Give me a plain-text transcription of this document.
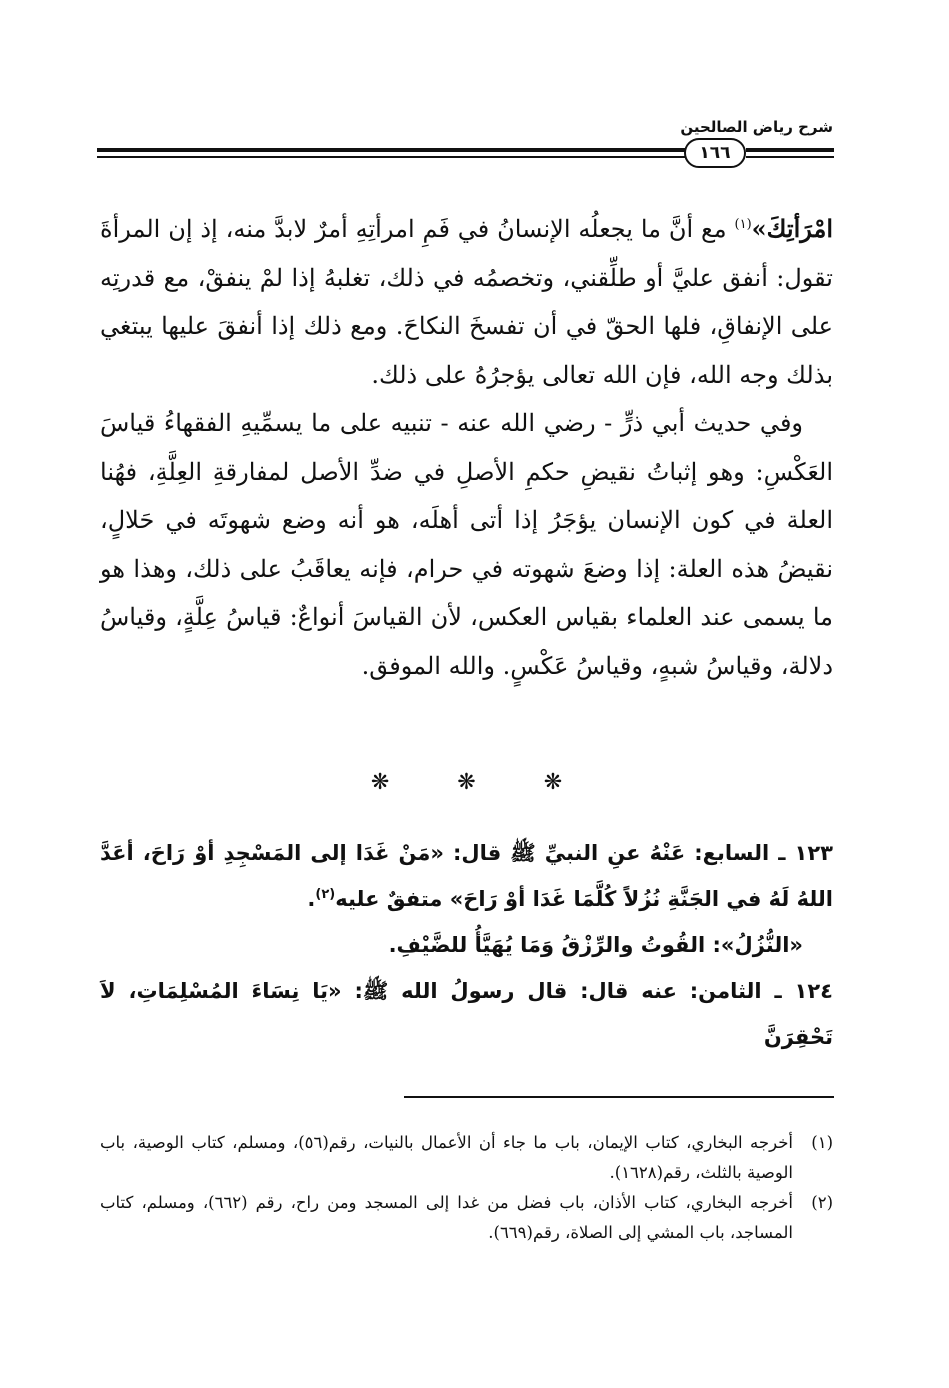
شرح رياض الصالحين
١٦٦

امْرَأتِكَ»$^{(١)}$ مع أنَّ ما يجعلُه الإنسانُ في فَمِ امرأتِهِ أمرٌ لابدَّ منه، إذ إن المرأةَ تقول: أنفق عليَّ أو طلِّقني، وتخصمُه في ذلك، تغلبهُ إذا لمْ ينفقْ، مع قدرتِه على الإنفاقِ، فلها الحقّ في أن تفسخَ النكاحَ. ومع ذلك إذا أنفقَ عليها يبتغي بذلك وجه الله، فإن الله تعالى يؤجرُهُ على ذلك.

وفي حديث أبي ذرٍّ - رضي الله عنه - تنبيه على ما يسمِّيهِ الفقهاءُ قياسَ العَكْسِ: وهو إثباتُ نقيضِ حكمِ الأصلِ في ضدِّ الأصل لمفارقةِ العِلَّةِ، فهُنا العلة في كون الإنسان يؤجَرُ إذا أتى أهلَه، هو أنه وضع شهوتَه في حَلالٍ، نقيضُ هذه العلة: إذا وضعَ شهوته في حرام، فإنه يعاقَبُ على ذلك، وهذا هو ما يسمى عند العلماء بقياس العكس، لأن القياسَ أنواعٌ: قياسُ عِلَّةٍ، وقياسُ دلالة، وقياسُ شبهٍ، وقياسُ عَكْسٍ. والله الموفق.

❋❋❋

١٢٣ ـ السابع: عَنْهُ عنِ النبيِّ ﷺ قال: «مَنْ غَدَا إلى المَسْجِدِ أوْ رَاحَ، أعَدَّ اللهُ لَهُ في الجَنَّةِ نُزُلاً كُلَّمَا غَدَا أوْ رَاحَ» متفقٌ عليه$^{(٢)}$.

«النُّزُلُ»: القُوتُ والرِّزْقُ وَمَا يُهَيَّأُ للضَّيْفِ.

١٢٤ ـ الثامن: عنه قال: قال رسولُ الله ﷺ: «يَا نِسَاءَ المُسْلِمَاتِ، لاَ تَحْقِرَنَّ

(١)
أخرجه البخاري، كتاب الإيمان، باب ما جاء أن الأعمال بالنيات، رقم(٥٦)، ومسلم، كتاب الوصية، باب الوصية بالثلث، رقم(١٦٢٨).
(٢)
أخرجه البخاري، كتاب الأذان، باب فضل من غدا إلى المسجد ومن راح، رقم (٦٦٢)، ومسلم، كتاب المساجد، باب المشي إلى الصلاة، رقم(٦٦٩).
